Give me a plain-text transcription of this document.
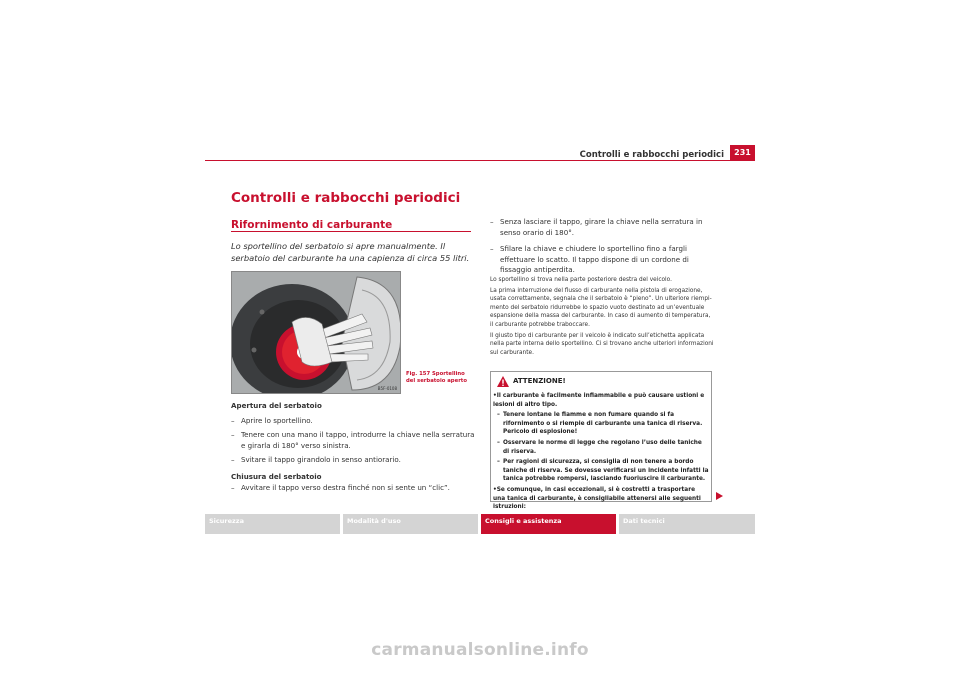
Controlli e rabbocchi periodici	231
Controlli e rabbocchi periodici
Rifornimento di carburante
Lo sportellino del serbatoio si apre manualmente. Il serbatoio del carburante ha una capienza di circa 55 litri.
B5F-0108
Fig. 157 Sportellino del serbatoio aperto
Apertura del serbatoio
– Aprire lo sportellino.
– Tenere con una mano il tappo, introdurre la chiave nella serratura e girarla di 180° verso sinistra.
– Svitare il tappo girandolo in senso antiorario.
Chiusura del serbatoio
– Avvitare il tappo verso destra finché non si sente un “clic”.
– Senza lasciare il tappo, girare la chiave nella serratura in senso orario di 180°.
– Sfilare la chiave e chiudere lo sportellino fino a fargli effettuare lo scatto. Il tappo dispone di un cordone di fissaggio antiperdita.

Lo sportellino si trova nella parte posteriore destra del veicolo.

La prima interruzione del flusso di carburante nella pistola di erogazione, usata correttamente, segnala che il serbatoio è “pieno”. Un ulteriore riempi-mento del serbatoio ridurrebbe lo spazio vuoto destinato ad un’eventuale espansione della massa del carburante. In caso di aumento di temperatura, il carburante potrebbe traboccare.

Il giusto tipo di carburante per il veicolo è indicato sull’etichetta applicata nella parte interna dello sportellino. Ci si trovano anche ulteriori informazioni sul carburante.

ATTENZIONE!
• Il carburante è facilmente infiammabile e può causare ustioni e lesioni di altro tipo.
– Tenere lontane le fiamme e non fumare quando si fa rifornimento o si riempie di carburante una tanica di riserva. Pericolo di esplosione!
– Osservare le norme di legge che regolano l’uso delle taniche di riserva.
– Per ragioni di sicurezza, si consiglia di non tenere a bordo taniche di riserva. Se dovesse verificarsi un incidente infatti la tanica potrebbe rompersi, lasciando fuoriuscire il carburante.
• Se comunque, in casi eccezionali, si è costretti a trasportare una tanica di carburante, è consigliabile attenersi alle seguenti istruzioni:
Sicurezza	Modalità d'uso	Consigli e assistenza	Dati tecnici
carmanualsonline.info
